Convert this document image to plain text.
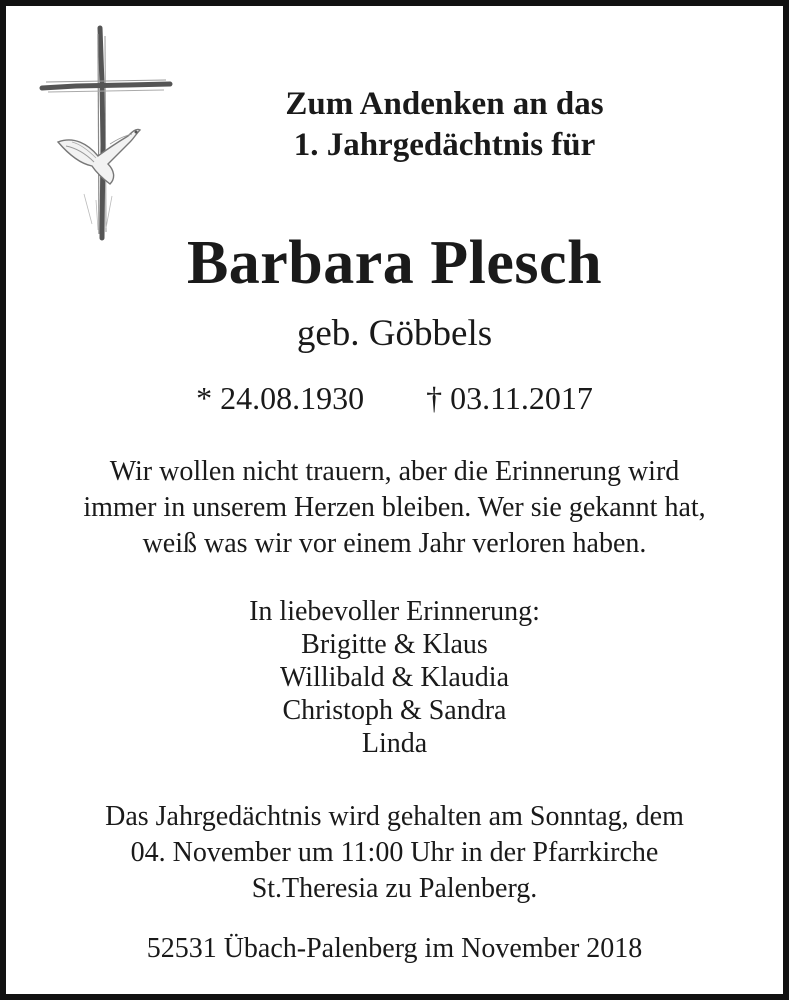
Zum Andenken an das
1. Jahrgedächtnis für
Barbara Plesch
geb. Göbbels
* 24.08.1930 † 03.11.2017
Wir wollen nicht trauern, aber die Erinnerung wird
immer in unserem Herzen bleiben. Wer sie gekannt hat,
weiß was wir vor einem Jahr verloren haben.
In liebevoller Erinnerung:
Brigitte & Klaus
Willibald & Klaudia
Christoph & Sandra
Linda
Das Jahrgedächtnis wird gehalten am Sonntag, dem
04. November um 11:00 Uhr in der Pfarrkirche
St.Theresia zu Palenberg.
52531 Übach-Palenberg im November 2018
